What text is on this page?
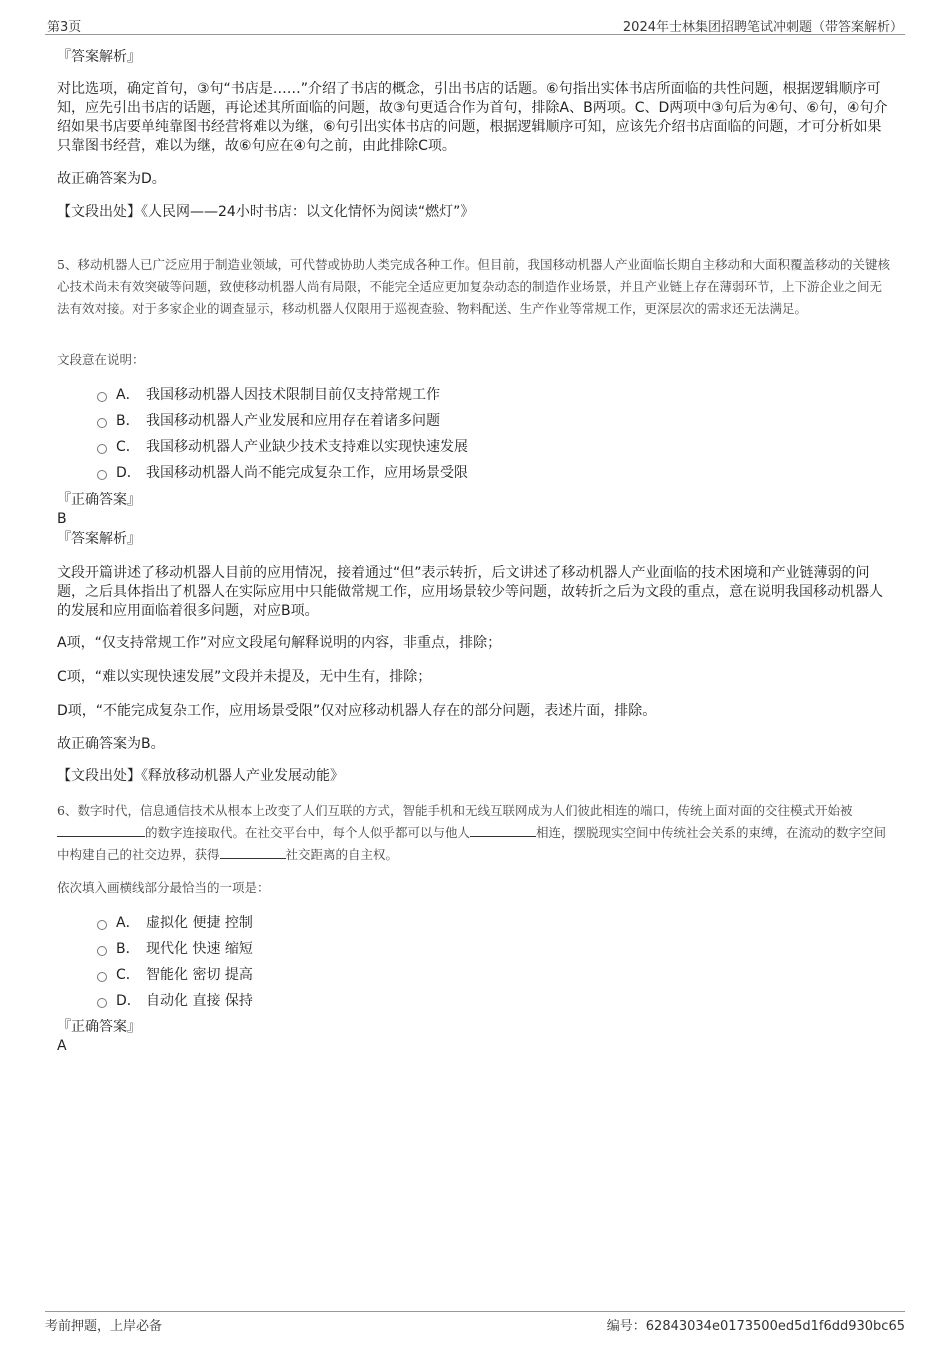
第3页	2024年士林集团招聘笔试冲刺题（带答案解析）
『答案解析』
对比选项，确定首句，③句“书店是……”介绍了书店的概念，引出书店的话题。⑥句指出实体书店所面临的共性问题，根据逻辑顺序可知，应先引出书店的话题，再论述其所面临的问题，故③句更适合作为首句，排除A、B两项。C、D两项中③句后为④句、⑥句，④句介绍如果书店要单纯靠图书经营将难以为继，⑥句引出实体书店的问题，根据逻辑顺序可知，应该先介绍书店面临的问题，才可分析如果只靠图书经营，难以为继，故⑥句应在④句之前，由此排除C项。
故正确答案为D。
【文段出处】《人民网——24小时书店：以文化情怀为阅读“燃灯”》
5、移动机器人已广泛应用于制造业领域，可代替或协助人类完成各种工作。但目前，我国移动机器人产业面临长期自主移动和大面积覆盖移动的关键核心技术尚未有效突破等问题，致使移动机器人尚有局限，不能完全适应更加复杂动态的制造作业场景，并且产业链上存在薄弱环节，上下游企业之间无法有效对接。对于多家企业的调查显示，移动机器人仅限用于巡视查验、物料配送、生产作业等常规工作，更深层次的需求还无法满足。
文段意在说明：
A． 我国移动机器人因技术限制目前仅支持常规工作
B． 我国移动机器人产业发展和应用存在着诸多问题
C． 我国移动机器人产业缺少技术支持难以实现快速发展
D． 我国移动机器人尚不能完成复杂工作，应用场景受限
『正确答案』
B
『答案解析』
文段开篇讲述了移动机器人目前的应用情况，接着通过“但”表示转折，后文讲述了移动机器人产业面临的技术困境和产业链薄弱的问题，之后具体指出了机器人在实际应用中只能做常规工作，应用场景较少等问题，故转折之后为文段的重点，意在说明我国移动机器人的发展和应用面临着很多问题，对应B项。
A项，“仅支持常规工作”对应文段尾句解释说明的内容，非重点，排除；
C项，“难以实现快速发展”文段并未提及，无中生有，排除；
D项，“不能完成复杂工作，应用场景受限”仅对应移动机器人存在的部分问题，表述片面，排除。
故正确答案为B。
【文段出处】《释放移动机器人产业发展动能》
6、数字时代，信息通信技术从根本上改变了人们互联的方式，智能手机和无线互联网成为人们彼此相连的端口，传统上面对面的交往模式开始被的数字连接取代。在社交平台中，每个人似乎都可以与他人	相连，摆脱现实空间中传统社会关系的束缚，在流动的数字空间中构建自己的社交边界，获得	社交距离的自主权。
依次填入画横线部分最恰当的一项是：
A． 虚拟化 便捷 控制
B． 现代化 快速 缩短
C． 智能化 密切 提高
D． 自动化 直接 保持
『正确答案』
A
考前押题，上岸必备	编号：62843034e0173500ed5d1f6dd930bc65
